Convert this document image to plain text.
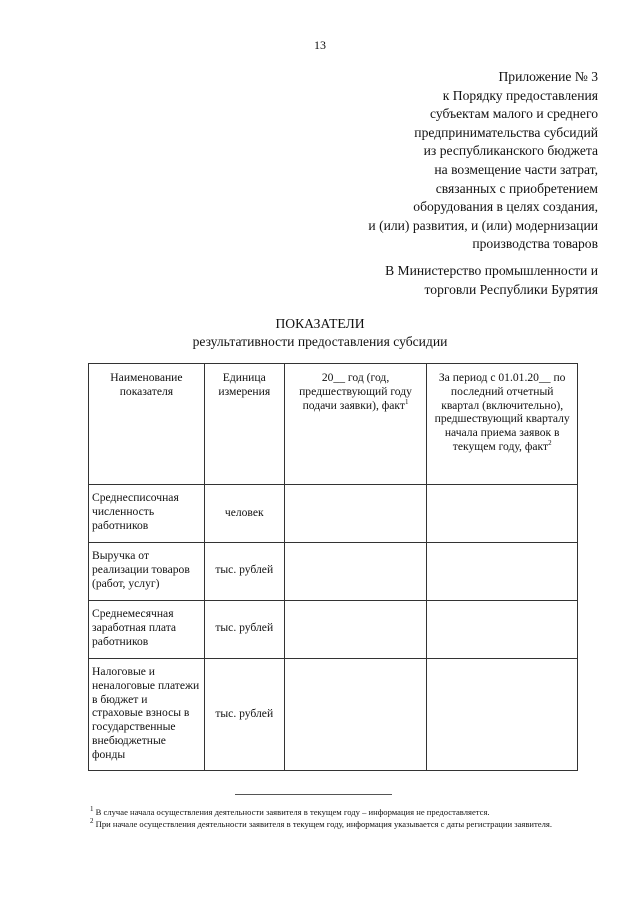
13
Приложение № 3
к Порядку предоставления
субъектам малого и среднего
предпринимательства субсидий
из республиканского бюджета
на возмещение части затрат,
связанных с приобретением
оборудования в целях создания,
и (или) развития, и (или) модернизации
производства товаров
В Министерство промышленности и
торговли Республики Бурятия
ПОКАЗАТЕЛИ
результативности предоставления субсидии
Наименование показателя	Единица измерения	20__ год (год, предшествующий году подачи заявки), факт$^1$	За период с 01.01.20__ по последний отчетный квартал (включительно), предшествующий кварталу начала приема заявок в текущем году, факт$^2$
Среднесписочная численность работников	человек		

Выручка от реализации товаров (работ, услуг)	тыс. рублей		

Среднемесячная заработная плата работников	тыс. рублей		

Налоговые и неналоговые платежи в бюджет и страховые взносы в государственные внебюджетные фонды	тыс. рублей		

$^1$ В случае начала осуществления деятельности заявителя в текущем году – информация не предоставляется.

$^2$ При начале осуществления деятельности заявителя в текущем году, информация указывается с даты регистрации заявителя.
